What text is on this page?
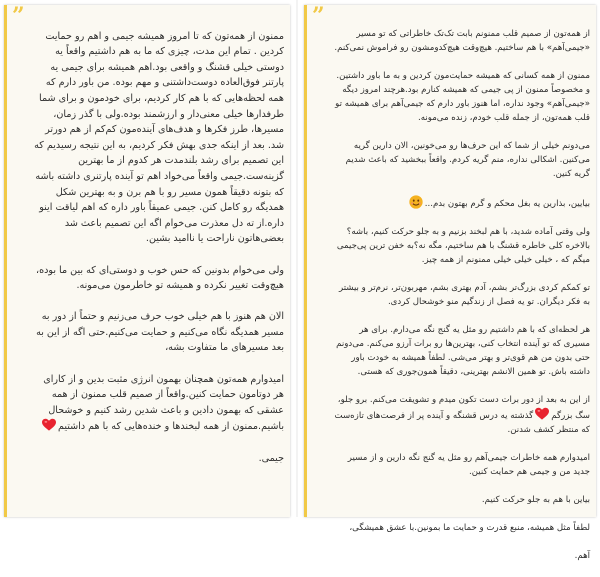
”

ممنون از همه‌تون که تا امروز همیشه جیمی و اهم رو حمایت کردین . تمام این مدت، چیزی که ما به هم داشتیم واقعاً یه دوستی خیلی قشنگ و واقعی بود.اهم همیشه برای جیمی یه پارتنر فوق‌العاده دوست‌داشتنی و مهم بوده. من باور دارم که همه لحظه‌هایی که با هم کار کردیم، برای خودمون و برای شما طرفدارها خیلی معنی‌دار و ارزشمند بوده.ولی با گذر زمان، مسیرها، طرز فکرها و هدف‌های آینده‌مون کم‌کم از هم دورتر شد. بعد از اینکه جدی بهش فکر کردیم، به این نتیجه رسیدیم که این تصمیم برای رشد بلندمدت هر کدوم از ما بهترین گزینه‌ست.جیمی واقعاً می‌خواد اهم تو آینده پارتنری داشته باشه که بتونه دقیقاً همون مسیر رو با هم برن و به بهترین شکل همدیگه رو کامل کنن. جیمی عمیقاً باور داره که اهم لیاقت اینو داره.از ته دل معذرت می‌خوام اگه این تصمیم باعث شد بعضی‌هاتون ناراحت یا ناامید بشین.

ولی می‌خوام بدونین که حس خوب و دوستی‌ای که بین ما بوده، هیچ‌وقت تغییر نکرده و همیشه تو خاطرمون می‌مونه.

الان هم هنوز با هم خیلی خوب حرف می‌زنیم و حتماً از دور به مسیر همدیگه نگاه می‌کنیم و حمایت می‌کنیم.حتی اگه از این به بعد مسیرهای ما متفاوت بشه،

امیدوارم همه‌تون همچنان بهمون انرژی مثبت بدین و از کارای هر دوتامون حمایت کنین.واقعاً از صمیم قلب ممنون از همه عشقی که بهمون دادین و باعث شدین رشد کنیم و خوشحال باشیم.ممنون از همه لبخندها و خنده‌هایی که با هم داشتیم

جیمی.

”

از همه‌تون از صمیم قلب ممنونم بابت تک‌تک خاطراتی که تو مسیر «جیمی‌آهم» با هم ساختیم. هیچ‌وقت هیچ‌کدومشون رو فراموش نمی‌کنم.

ممنون از همه کسانی که همیشه حمایت‌مون کردین و به ما باور داشتین. و مخصوصاً ممنون از پی جیمی که همیشه کنارم بود.هرچند امروز دیگه «جیمی‌آهم» وجود نداره، اما هنوز باور دارم که جیمی‌آهم برای همیشه تو قلب همه‌تون، از جمله قلب خودم، زنده می‌مونه.

می‌دونم خیلی از شما که این حرف‌ها رو می‌خونین، الان دارین گریه می‌کنین. اشکالی نداره، منم گریه کردم. واقعاً ببخشید که باعث شدیم گریه کنین.

بیایین، بذارین یه بغل محکم و گرم بهتون بدم...

ولی وقتی آماده شدید، با هم لبخند بزنیم و به جلو حرکت کنیم، باشه؟ بالاخره کلی خاطره قشنگ با هم ساختیم، مگه نه؟به خفن ترین پی‌جیمی میگم که ، خیلی خیلی خیلی ممنونم از همه چیز.

تو کمکم کردی بزرگ‌تر بشم، آدم بهتری بشم، مهربون‌تر، نرم‌تر و بیشتر به فکر دیگران. تو یه فصل از زندگیم منو خوشحال کردی.

هر لحظه‌ای که با هم داشتیم رو مثل یه گنج نگه می‌دارم. برای هر مسیری که تو آینده انتخاب کنی، بهترین‌ها رو برات آرزو می‌کنم. می‌دونم حتی بدون من هم قوی‌تر و بهتر می‌شی. لطفاً همیشه به خودت باور داشته باش. تو همین الانشم بهترینی، دقیقاً همون‌جوری که هستی.

از این به بعد از دور برات دست تکون میدم و تشویقت می‌کنم. برو جلو، سگ بزرگم
گذشته یه درس قشنگه و آینده پر از فرصت‌های تازه‌ست که منتظر کشف شدنن.

امیدوارم همه خاطرات جیمی‌آهم رو مثل یه گنج نگه دارین و از مسیر جدید من و جیمی هم حمایت کنین.

بیاین با هم به جلو حرکت کنیم.

لطفاً مثل همیشه، منبع قدرت و حمایت ما بمونین.با عشق همیشگی،

آهم.
